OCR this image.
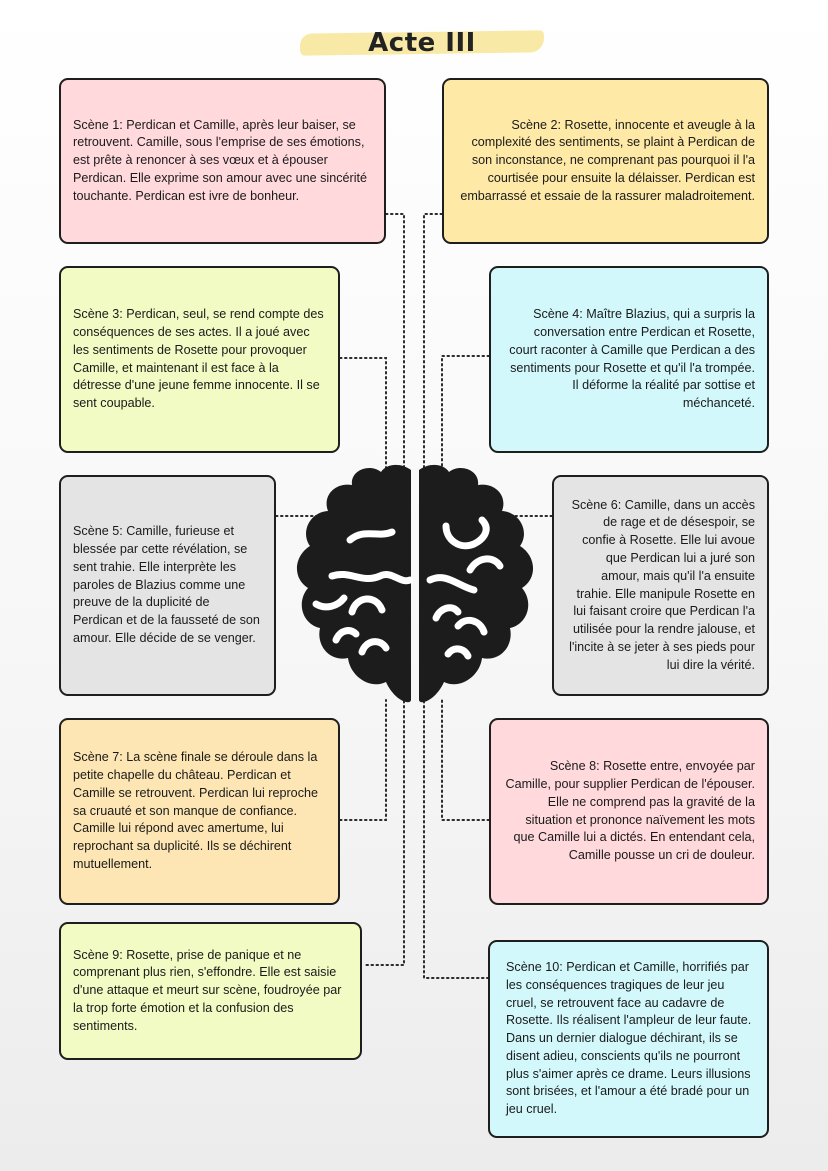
Acte III
Scène 1: Perdican et Camille, après leur baiser, se retrouvent. Camille, sous l'emprise de ses émotions, est prête à renoncer à ses vœux et à épouser Perdican. Elle exprime son amour avec une sincérité touchante. Perdican est ivre de bonheur.
Scène 2: Rosette, innocente et aveugle à la complexité des sentiments, se plaint à Perdican de son inconstance, ne comprenant pas pourquoi il l'a courtisée pour ensuite la délaisser. Perdican est embarrassé et essaie de la rassurer maladroitement.
Scène 3: Perdican, seul, se rend compte des conséquences de ses actes. Il a joué avec les sentiments de Rosette pour provoquer Camille, et maintenant il est face à la détresse d'une jeune femme innocente. Il se sent coupable.
Scène 4: Maître Blazius, qui a surpris la conversation entre Perdican et Rosette, court raconter à Camille que Perdican a des sentiments pour Rosette et qu'il l'a trompée. Il déforme la réalité par sottise et méchanceté.
Scène 5: Camille, furieuse et blessée par cette révélation, se sent trahie. Elle interprète les paroles de Blazius comme une preuve de la duplicité de Perdican et de la fausseté de son amour. Elle décide de se venger.
Scène 6: Camille, dans un accès de rage et de désespoir, se confie à Rosette. Elle lui avoue que Perdican lui a juré son amour, mais qu'il l'a ensuite trahie. Elle manipule Rosette en lui faisant croire que Perdican l'a utilisée pour la rendre jalouse, et l'incite à se jeter à ses pieds pour lui dire la vérité.
Scène 7: La scène finale se déroule dans la petite chapelle du château. Perdican et Camille se retrouvent. Perdican lui reproche sa cruauté et son manque de confiance. Camille lui répond avec amertume, lui reprochant sa duplicité. Ils se déchirent mutuellement.
Scène 8: Rosette entre, envoyée par Camille, pour supplier Perdican de l'épouser. Elle ne comprend pas la gravité de la situation et prononce naïvement les mots que Camille lui a dictés. En entendant cela, Camille pousse un cri de douleur.
Scène 9: Rosette, prise de panique et ne comprenant plus rien, s'effondre. Elle est saisie d'une attaque et meurt sur scène, foudroyée par la trop forte émotion et la confusion des sentiments.
Scène 10: Perdican et Camille, horrifiés par les conséquences tragiques de leur jeu cruel, se retrouvent face au cadavre de Rosette. Ils réalisent l'ampleur de leur faute. Dans un dernier dialogue déchirant, ils se disent adieu, conscients qu'ils ne pourront plus s'aimer après ce drame. Leurs illusions sont brisées, et l'amour a été bradé pour un jeu cruel.
